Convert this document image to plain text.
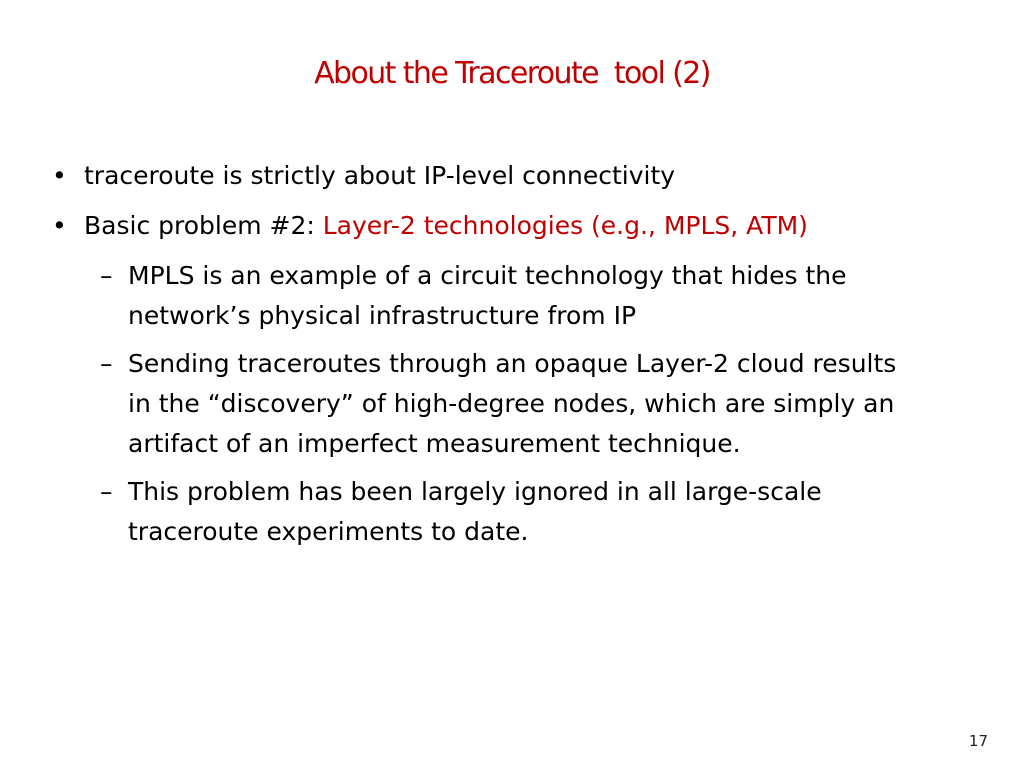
About the Traceroute  tool (2)
• traceroute is strictly about IP-level connectivity
• Basic problem #2: Layer-2 technologies (e.g., MPLS, ATM)
– MPLS is an example of a circuit technology that hides the
network’s physical infrastructure from IP
– Sending traceroutes through an opaque Layer-2 cloud results
in the “discovery” of high-degree nodes, which are simply an
artifact of an imperfect measurement technique.
– This problem has been largely ignored in all large-scale
traceroute experiments to date.
17
